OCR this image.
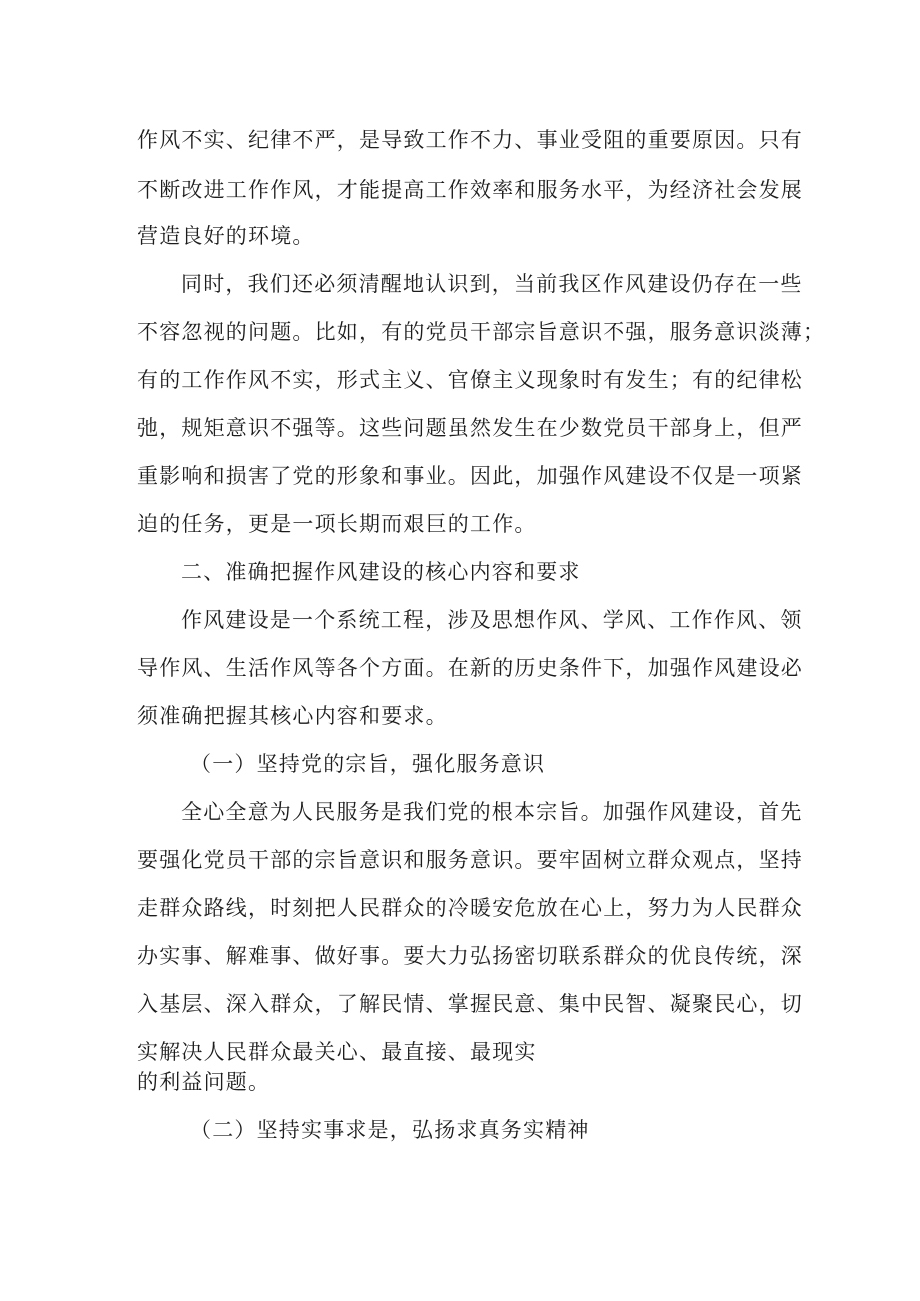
作风不实、纪律不严，是导致工作不力、事业受阻的重要原因。只有

不断改进工作作风，才能提高工作效率和服务水平，为经济社会发展

营造良好的环境。

同时，我们还必须清醒地认识到，当前我区作风建设仍存在一些

不容忽视的问题。比如，有的党员干部宗旨意识不强，服务意识淡薄；

有的工作作风不实，形式主义、官僚主义现象时有发生；有的纪律松

弛，规矩意识不强等。这些问题虽然发生在少数党员干部身上，但严

重影响和损害了党的形象和事业。因此，加强作风建设不仅是一项紧

迫的任务，更是一项长期而艰巨的工作。

二、准确把握作风建设的核心内容和要求

作风建设是一个系统工程，涉及思想作风、学风、工作作风、领

导作风、生活作风等各个方面。在新的历史条件下，加强作风建设必

须准确把握其核心内容和要求。

（一）坚持党的宗旨，强化服务意识

全心全意为人民服务是我们党的根本宗旨。加强作风建设，首先

要强化党员干部的宗旨意识和服务意识。要牢固树立群众观点，坚持

走群众路线，时刻把人民群众的冷暖安危放在心上，努力为人民群众

办实事、解难事、做好事。要大力弘扬密切联系群众的优良传统，深

入基层、深入群众，了解民情、掌握民意、集中民智、凝聚民心，切

实解决人民群众最关心、最直接、最现实

的利益问题。

（二）坚持实事求是，弘扬求真务实精神
